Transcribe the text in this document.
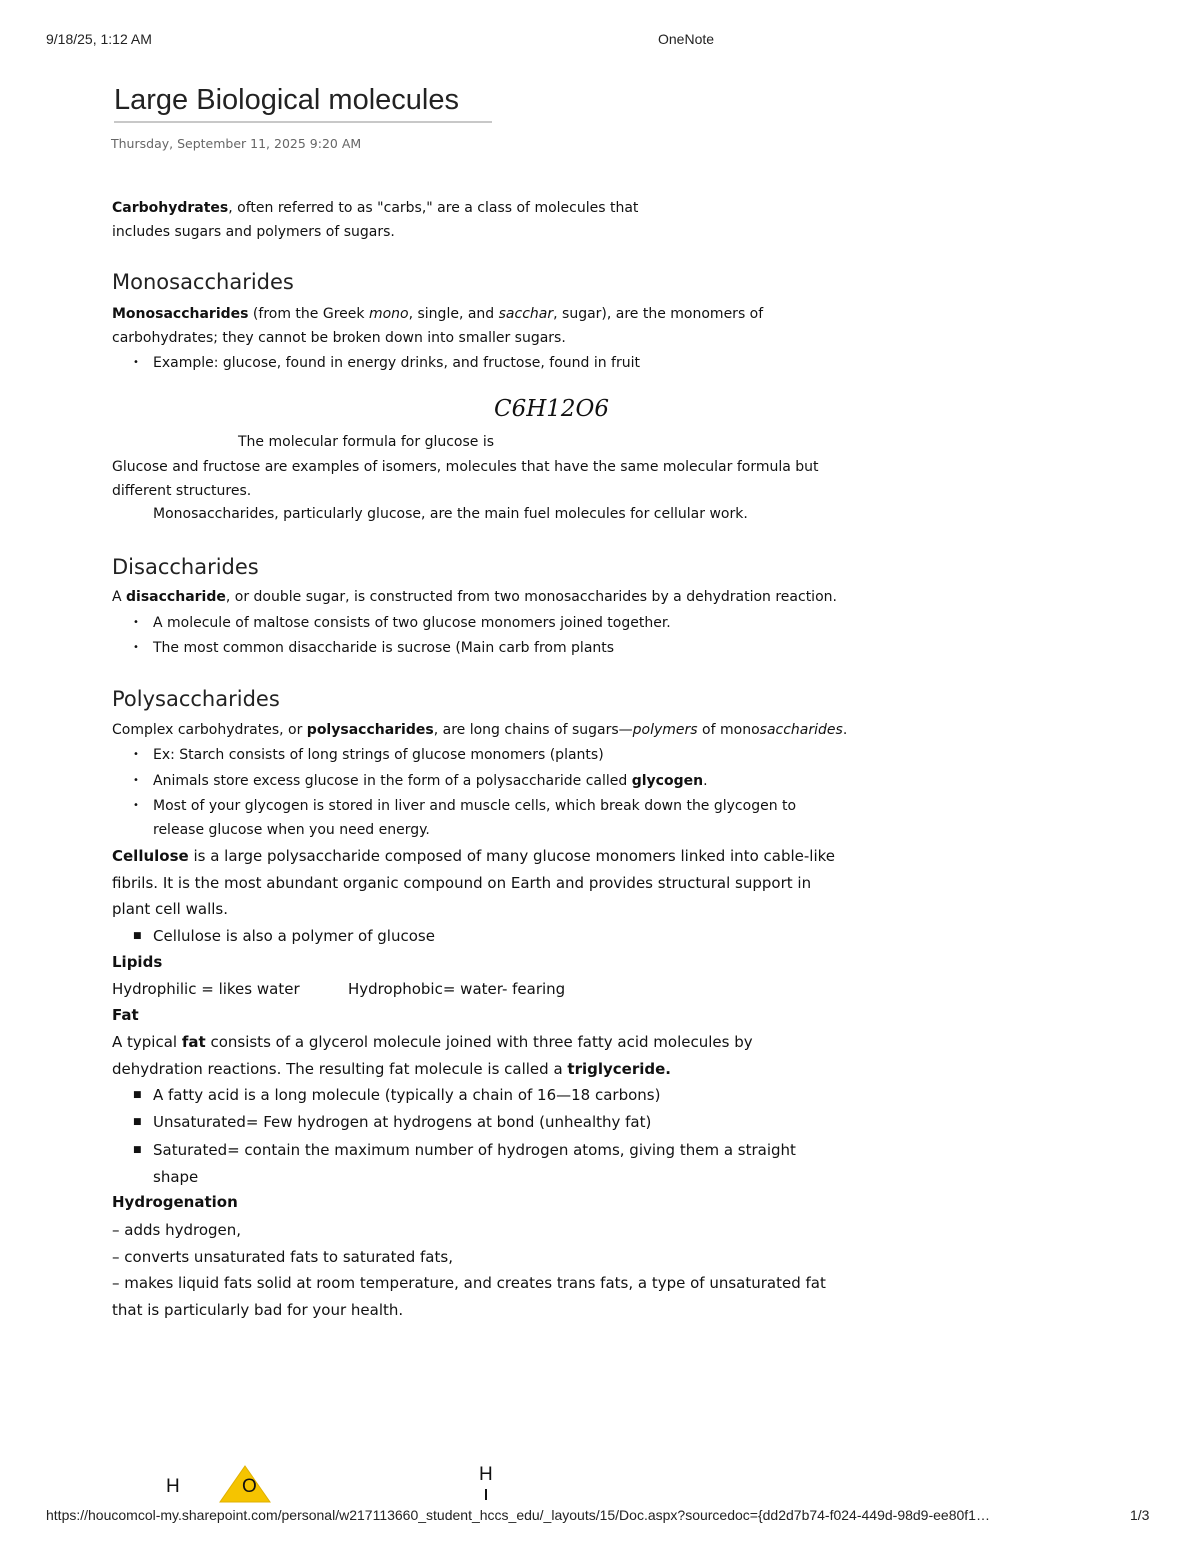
9/18/25, 1:12 AM	OneNote
Large Biological molecules
Thursday, September 11, 2025 9:20 AM
Carbohydrates, often referred to as "carbs," are a class of molecules that
includes sugars and polymers of sugars.
Monosaccharides
Monosaccharides (from the Greek mono, single, and sacchar, sugar), are the monomers of
carbohydrates; they cannot be broken down into smaller sugars.
• Example: glucose, found in energy drinks, and fructose, found in fruit
C6H12O6
The molecular formula for glucose is
Glucose and fructose are examples of isomers, molecules that have the same molecular formula but
different structures.
Monosaccharides, particularly glucose, are the main fuel molecules for cellular work.
Disaccharides
A disaccharide, or double sugar, is constructed from two monosaccharides by a dehydration reaction.
• A molecule of maltose consists of two glucose monomers joined together.
• The most common disaccharide is sucrose (Main carb from plants
Polysaccharides
Complex carbohydrates, or polysaccharides, are long chains of sugars—polymers of monosaccharides.
• Ex: Starch consists of long strings of glucose monomers (plants)
• Animals store excess glucose in the form of a polysaccharide called glycogen.
• Most of your glycogen is stored in liver and muscle cells, which break down the glycogen to
release glucose when you need energy.
Cellulose is a large polysaccharide composed of many glucose monomers linked into cable-like
fibrils. It is the most abundant organic compound on Earth and provides structural support in
plant cell walls.
■ Cellulose is also a polymer of glucose
Lipids
Hydrophilic = likes water	Hydrophobic= water- fearing
Fat
A typical fat consists of a glycerol molecule joined with three fatty acid molecules by
dehydration reactions. The resulting fat molecule is called a triglyceride.
■ A fatty acid is a long molecule (typically a chain of 16—18 carbons)
■ Unsaturated= Few hydrogen at hydrogens at bond (unhealthy fat)
■ Saturated= contain the maximum number of hydrogen atoms, giving them a straight
shape
Hydrogenation
– adds hydrogen,
– converts unsaturated fats to saturated fats,
– makes liquid fats solid at room temperature, and creates trans fats, a type of unsaturated fat
that is particularly bad for your health.
H	O
H
https://houcomcol-my.sharepoint.com/personal/w217113660_student_hccs_edu/_layouts/15/Doc.aspx?sourcedoc={dd2d7b74-f024-449d-98d9-ee80f1…	1/3
